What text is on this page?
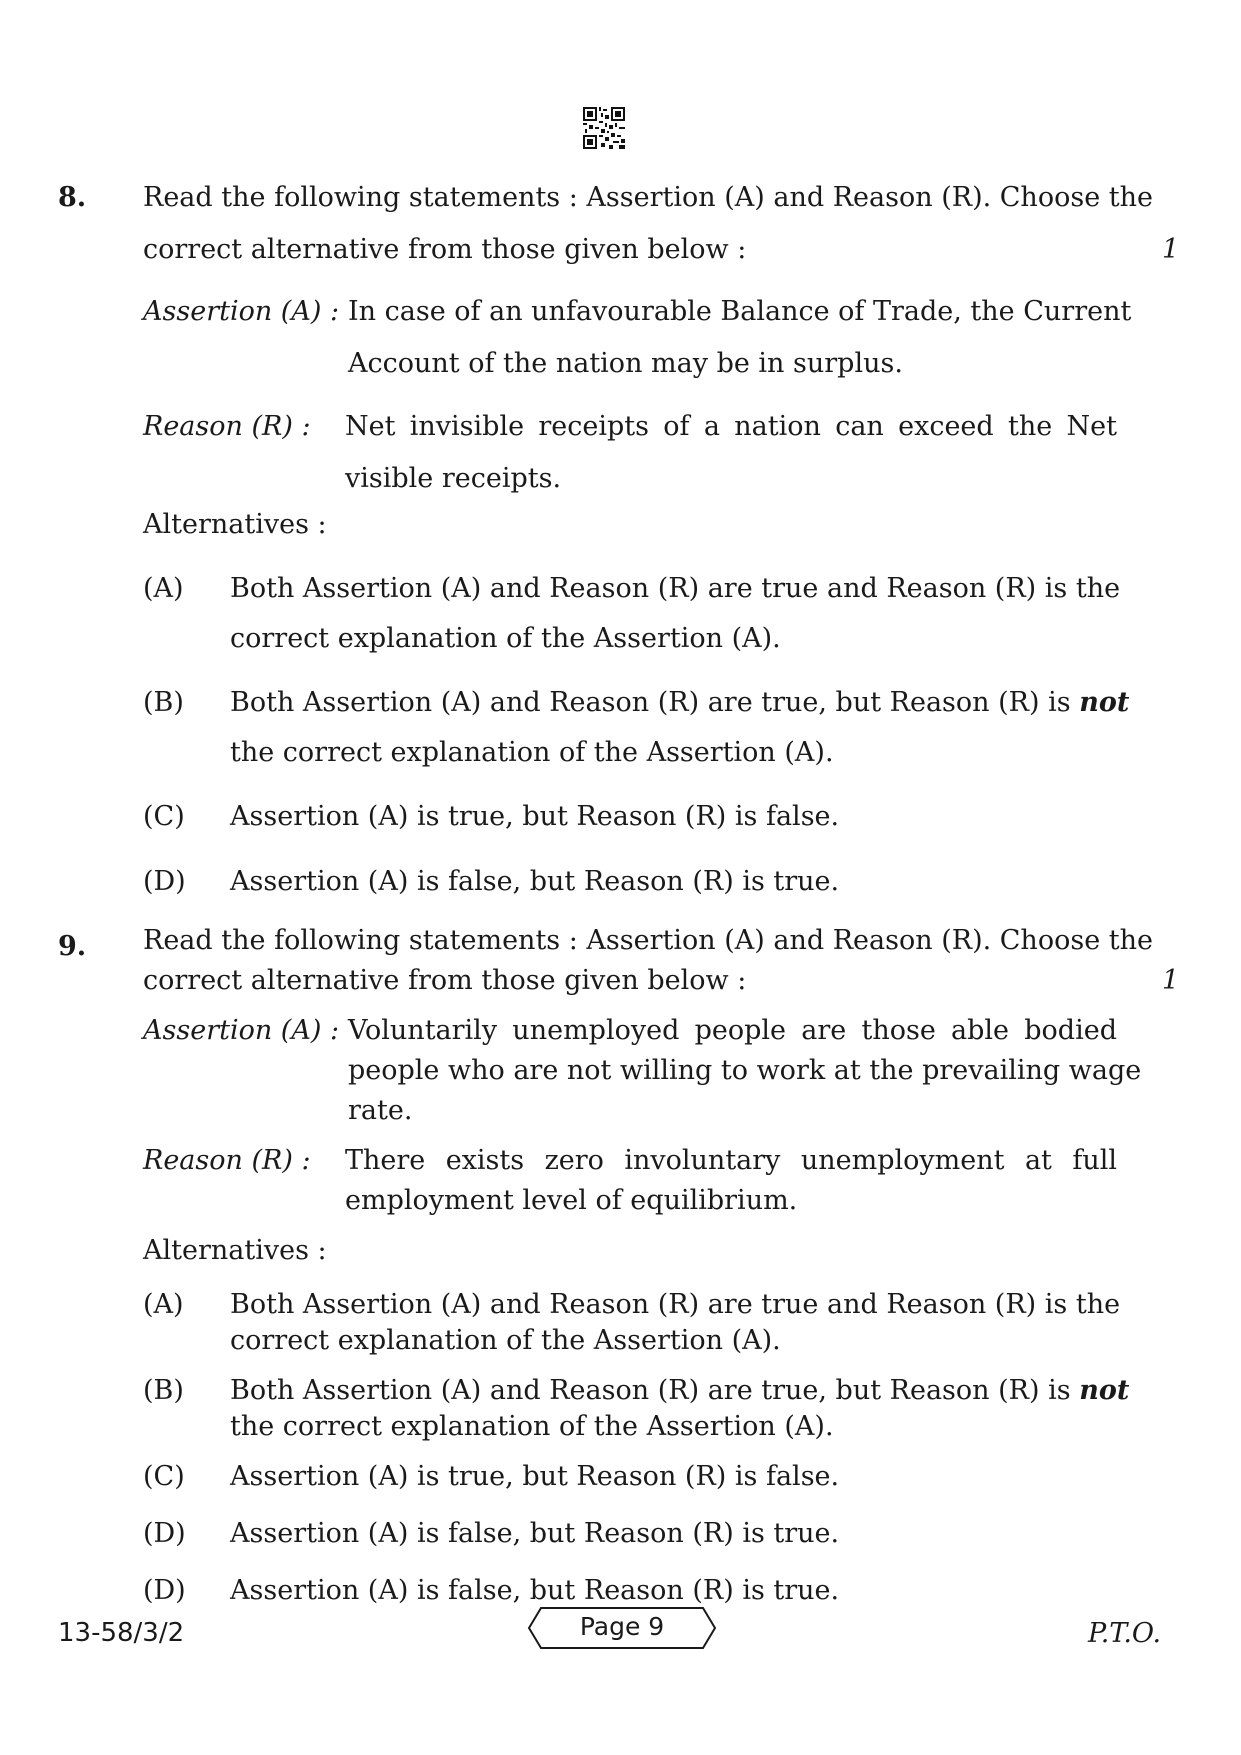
8. Read the following statements : Assertion (A) and Reason (R). Choose the
correct alternative from those given below :	1
Assertion (A) : In case of an unfavourable Balance of Trade, the Current
Account of the nation may be in surplus.
Reason (R) : Net invisible receipts of a nation can exceed the Net
visible receipts.
Alternatives :
(A) Both Assertion (A) and Reason (R) are true and Reason (R) is the
correct explanation of the Assertion (A).
(B) Both Assertion (A) and Reason (R) are true, but Reason (R) is not
the correct explanation of the Assertion (A).
(C) Assertion (A) is true, but Reason (R) is false.
(D) Assertion (A) is false, but Reason (R) is true.
9. Read the following statements : Assertion (A) and Reason (R). Choose the
correct alternative from those given below :	1
Assertion (A) : Voluntarily unemployed people are those able bodied
people who are not willing to work at the prevailing wage
rate.
Reason (R) : There exists zero involuntary unemployment at full
employment level of equilibrium.
Alternatives :
(A) Both Assertion (A) and Reason (R) are true and Reason (R) is the
correct explanation of the Assertion (A).
(B) Both Assertion (A) and Reason (R) are true, but Reason (R) is not
the correct explanation of the Assertion (A).
(C) Assertion (A) is true, but Reason (R) is false.
(D) Assertion (A) is false, but Reason (R) is true.
(D) Assertion (A) is false, but Reason (R) is true.
13-58/3/2	Page 9	P.T.O.
